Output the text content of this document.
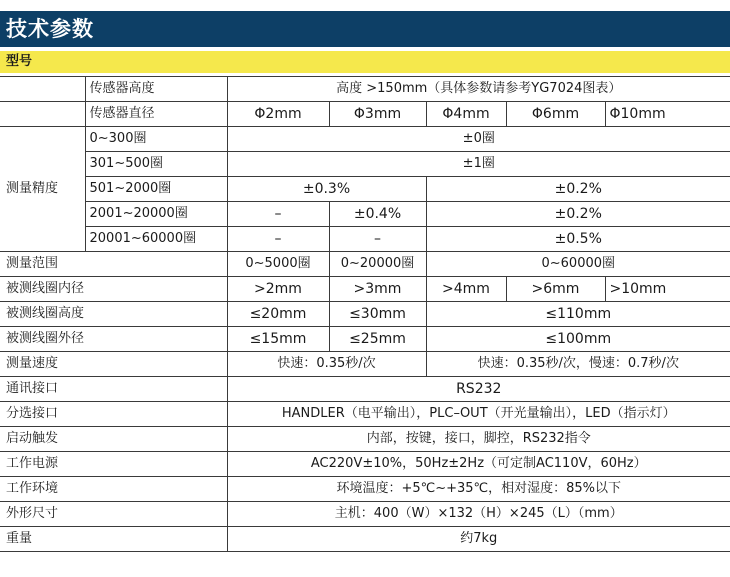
技术参数
型号
	传感器高度	高度 >150mm（具体参数请参考YG7024图表）				
	传感器直径	Φ2mm	Φ3mm	Φ4mm	Φ6mm	Φ10mm
测量精度	0~300圈	±0圈				
	301~500圈	±1圈				
	501~2000圈	±0.3%		±0.2%		
	2001~20000圈	–	±0.4%	±0.2%		
	20001~60000圈	–	–	±0.5%		
测量范围		0~5000圈	0~20000圈	0~60000圈		
被测线圈内径		>2mm	>3mm	>4mm	>6mm	>10mm
被测线圈高度		≤20mm	≤30mm	≤110mm		
被测线圈外径		≤15mm	≤25mm	≤100mm		
测量速度		快速：0.35秒/次		快速：0.35秒/次，慢速：0.7秒/次		
通讯接口		RS232				
分选接口		HANDLER（电平输出），PLC–OUT（开光量输出），LED（指示灯）				
启动触发		内部，按键，接口，脚控，RS232指令				
工作电源		AC220V±10%，50Hz±2Hz（可定制AC110V，60Hz）				
工作环境		环境温度：+5℃~+35℃，相对湿度：85%以下				
外形尺寸		主机：400（W）×132（H）×245（L）（mm）				
重量		约7kg				
